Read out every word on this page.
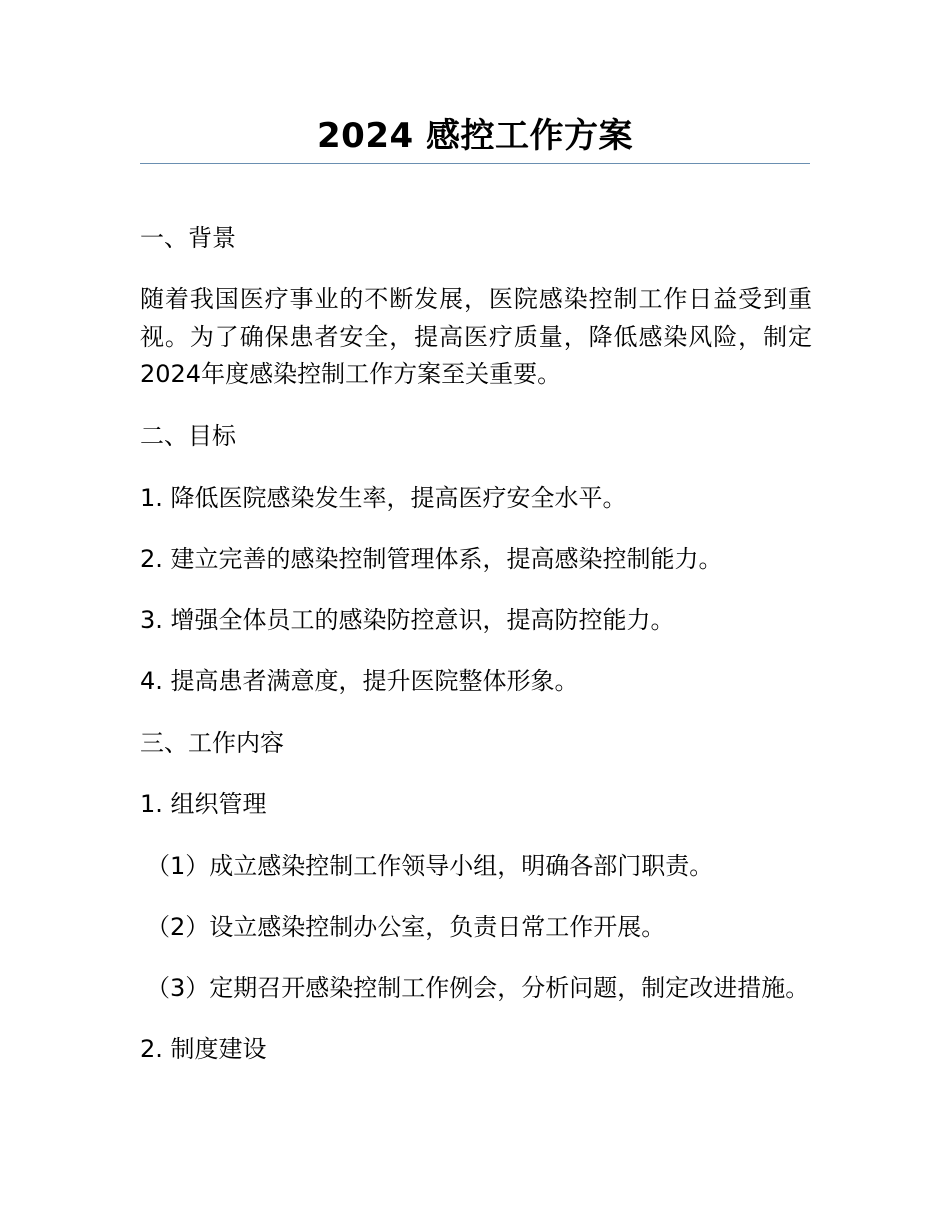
2024 感控工作方案
一、背景
随着我国医疗事业的不断发展，医院感染控制工作日益受到重视。为了确保患者安全，提高医疗质量，降低感染风险，制定2024年度感染控制工作方案至关重要。
二、目标
1. 降低医院感染发生率，提高医疗安全水平。
2. 建立完善的感染控制管理体系，提高感染控制能力。
3. 增强全体员工的感染防控意识，提高防控能力。
4. 提高患者满意度，提升医院整体形象。
三、工作内容
1. 组织管理
（1）成立感染控制工作领导小组，明确各部门职责。
（2）设立感染控制办公室，负责日常工作开展。
（3）定期召开感染控制工作例会，分析问题，制定改进措施。
2. 制度建设
